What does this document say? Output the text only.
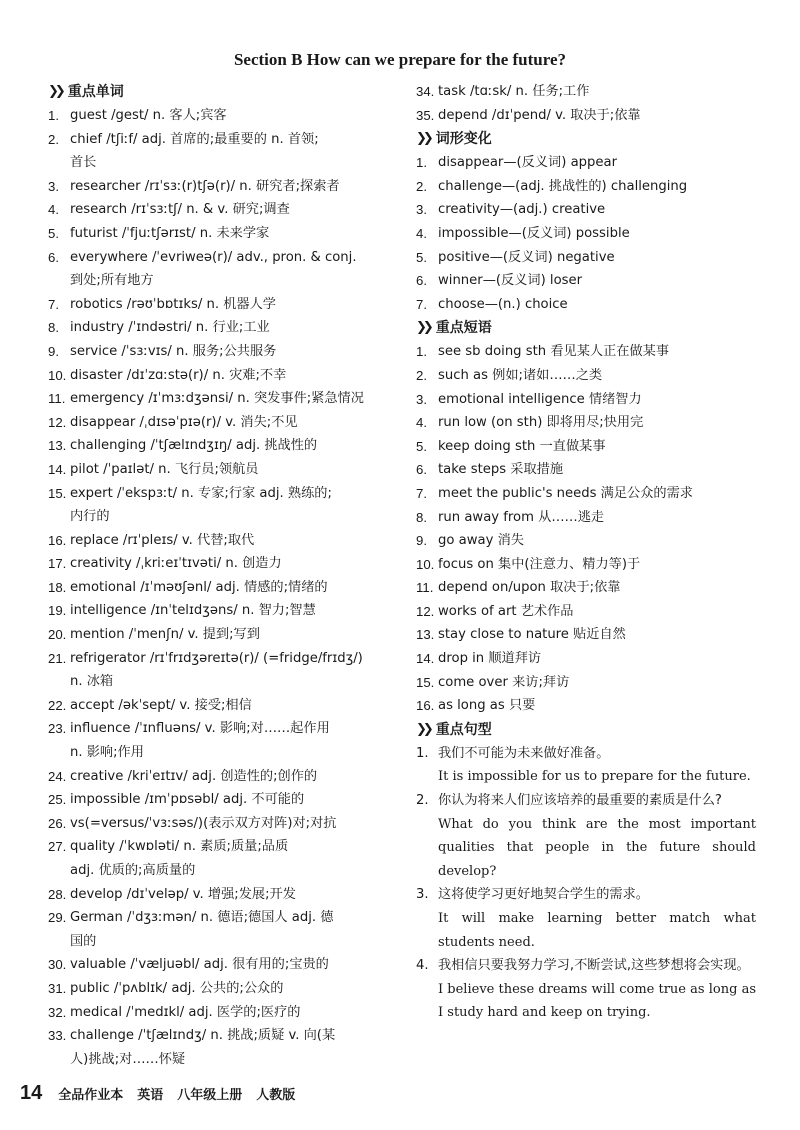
Section B How can we prepare for the future?
❯❯ 重点单词
1. guest /gest/ n. 客人;宾客
2. chief /tʃiːf/ adj. 首席的;最重要的 n. 首领;
首长
3. researcher /rɪˈsɜː(r)tʃə(r)/ n. 研究者;探索者
4. research /rɪˈsɜːtʃ/ n. & v. 研究;调查
5. futurist /ˈfjuːtʃərɪst/ n. 未来学家
6. everywhere /ˈevriweə(r)/ adv., pron. & conj.
到处;所有地方
7. robotics /rəʊˈbɒtɪks/ n. 机器人学
8. industry /ˈɪndəstri/ n. 行业;工业
9. service /ˈsɜːvɪs/ n. 服务;公共服务
10. disaster /dɪˈzɑːstə(r)/ n. 灾难;不幸
11. emergency /ɪˈmɜːdʒənsi/ n. 突发事件;紧急情况
12. disappear /ˌdɪsəˈpɪə(r)/ v. 消失;不见
13. challenging /ˈtʃælɪndʒɪŋ/ adj. 挑战性的
14. pilot /ˈpaɪlət/ n. 飞行员;领航员
15. expert /ˈekspɜːt/ n. 专家;行家 adj. 熟练的;
内行的
16. replace /rɪˈpleɪs/ v. 代替;取代
17. creativity /ˌkriːeɪˈtɪvəti/ n. 创造力
18. emotional /ɪˈməʊʃənl/ adj. 情感的;情绪的
19. intelligence /ɪnˈtelɪdʒəns/ n. 智力;智慧
20. mention /ˈmenʃn/ v. 提到;写到
21. refrigerator /rɪˈfrɪdʒəreɪtə(r)/ (=fridge/frɪdʒ/)
n. 冰箱
22. accept /əkˈsept/ v. 接受;相信
23. influence /ˈɪnfluəns/ v. 影响;对……起作用
n. 影响;作用
24. creative /kriˈeɪtɪv/ adj. 创造性的;创作的
25. impossible /ɪmˈpɒsəbl/ adj. 不可能的
26. vs(=versus/ˈvɜːsəs/)(表示双方对阵)对;对抗
27. quality /ˈkwɒləti/ n. 素质;质量;品质
adj. 优质的;高质量的
28. develop /dɪˈveləp/ v. 增强;发展;开发
29. German /ˈdʒɜːmən/ n. 德语;德国人 adj. 德
国的
30. valuable /ˈvæljuəbl/ adj. 很有用的;宝贵的
31. public /ˈpʌblɪk/ adj. 公共的;公众的
32. medical /ˈmedɪkl/ adj. 医学的;医疗的
33. challenge /ˈtʃælɪndʒ/ n. 挑战;质疑 v. 向(某
人)挑战;对……怀疑
34. task /tɑːsk/ n. 任务;工作
35. depend /dɪˈpend/ v. 取决于;依靠
❯❯ 词形变化
1. disappear—(反义词) appear
2. challenge—(adj. 挑战性的) challenging
3. creativity—(adj.) creative
4. impossible—(反义词) possible
5. positive—(反义词) negative
6. winner—(反义词) loser
7. choose—(n.) choice
❯❯ 重点短语
1. see sb doing sth 看见某人正在做某事
2. such as 例如;诸如……之类
3. emotional intelligence 情绪智力
4. run low (on sth) 即将用尽;快用完
5. keep doing sth 一直做某事
6. take steps 采取措施
7. meet the public's needs 满足公众的需求
8. run away from 从……逃走
9. go away 消失
10. focus on 集中(注意力、精力等)于
11. depend on/upon 取决于;依靠
12. works of art 艺术作品
13. stay close to nature 贴近自然
14. drop in 顺道拜访
15. come over 来访;拜访
16. as long as 只要
❯❯ 重点句型
1. 我们不可能为未来做好准备。
It is impossible for us to prepare for the future.
2. 你认为将来人们应该培养的最重要的素质是什么?
What do you think are the most important qualities that people in the future should develop?
3. 这将使学习更好地契合学生的需求。
It will make learning better match what students need.
4. 我相信只要我努力学习,不断尝试,这些梦想将会实现。
I believe these dreams will come true as long as I study hard and keep on trying.
14 全品作业本 英语 八年级上册 人教版
